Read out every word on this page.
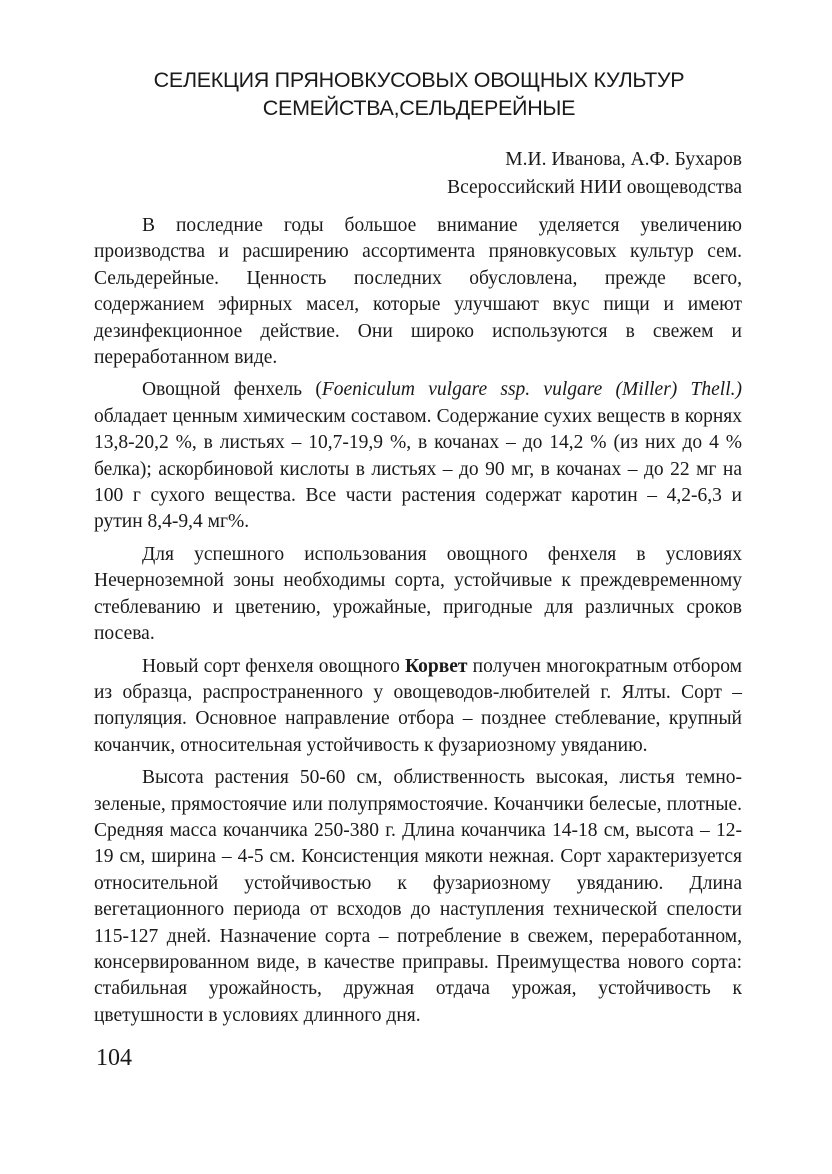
СЕЛЕКЦИЯ ПРЯНОВКУСОВЫХ ОВОЩНЫХ КУЛЬТУР
СЕМЕЙСТВА,СЕЛЬДЕРЕЙНЫЕ
М.И. Иванова, А.Ф. Бухаров
Всероссийский НИИ овощеводства

В последние годы большое внимание уделяется увеличению производства и расширению ассортимента пряновкусовых культур сем. Сельдерейные. Ценность последних обусловлена, прежде всего, содержанием эфирных масел, которые улучшают вкус пищи и имеют дезинфекционное действие. Они широко используются в свежем и переработанном виде.

Овощной фенхель (Foeniculum vulgare ssp. vulgare (Miller) Thell.) обладает ценным химическим составом. Содержание сухих веществ в корнях 13,8-20,2 %, в листьях – 10,7-19,9 %, в кочанах – до 14,2 % (из них до 4 % белка); аскорбиновой кислоты в листьях – до 90 мг, в кочанах – до 22 мг на 100 г сухого вещества. Все части растения содержат каротин – 4,2-6,3 и рутин 8,4-9,4 мг%.

Для успешного использования овощного фенхеля в условиях Нечерноземной зоны необходимы сорта, устойчивые к преждевременному стеблеванию и цветению, урожайные, пригодные для различных сроков посева.

Новый сорт фенхеля овощного Корвет получен многократным отбором из образца, распространенного у овощеводов-любителей г. Ялты. Сорт – популяция. Основное направление отбора – позднее стеблевание, крупный кочанчик, относительная устойчивость к фузариозному увяданию.

Высота растения 50-60 см, облиственность высокая, листья темно-зеленые, прямостоячие или полупрямостоячие. Кочанчики белесые, плотные. Средняя масса кочанчика 250-380 г. Длина кочанчика 14-18 см, высота – 12-19 см, ширина – 4-5 см. Консистенция мякоти нежная. Сорт характеризуется относительной устойчивостью к фузариозному увяданию. Длина вегетационного периода от всходов до наступления технической спелости 115-127 дней. Назначение сорта – потребление в свежем, переработанном, консервированном виде, в качестве приправы. Преимущества нового сорта: стабильная урожайность, дружная отдача урожая, устойчивость к цветушности в условиях длинного дня.

104
